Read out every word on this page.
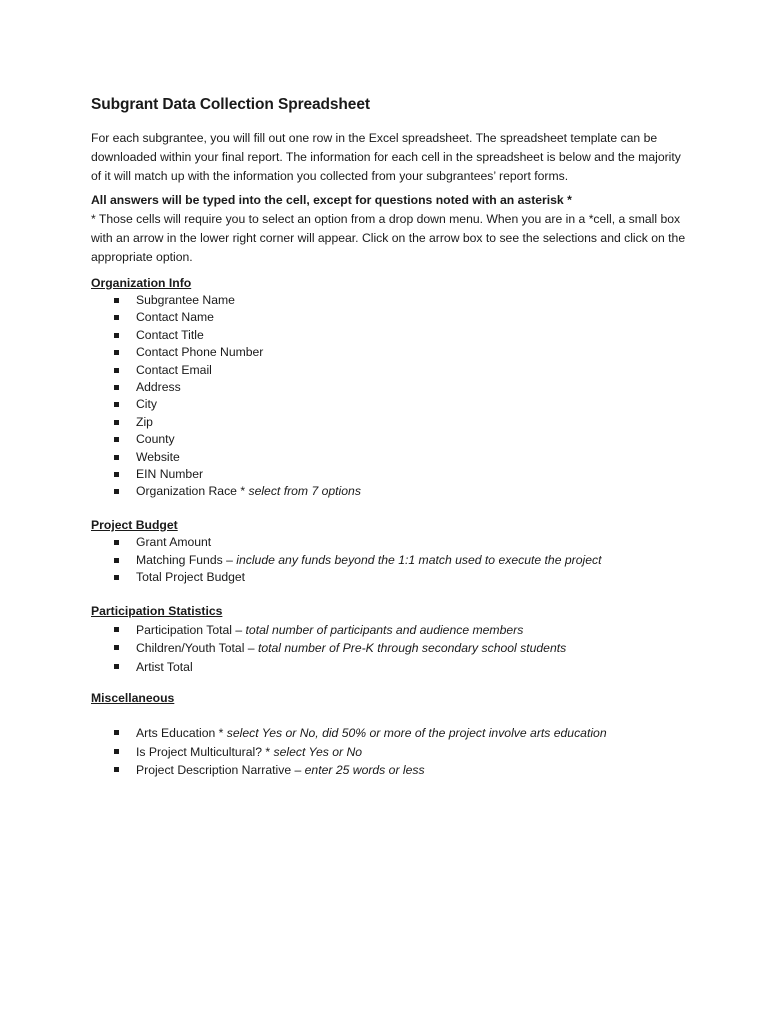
Subgrant Data Collection Spreadsheet

For each subgrantee, you will fill out one row in the Excel spreadsheet. The spreadsheet template can be downloaded within your final report. The information for each cell in the spreadsheet is below and the majority of it will match up with the information you collected from your subgrantees’ report forms.

All answers will be typed into the cell, except for questions noted with an asterisk *

* Those cells will require you to select an option from a drop down menu. When you are in a *cell, a small box with an arrow in the lower right corner will appear. Click on the arrow box to see the selections and click on the appropriate option.

Organization Info
Subgrantee Name
Contact Name
Contact Title
Contact Phone Number
Contact Email
Address
City
Zip
County
Website
EIN Number
Organization Race * select from 7 options
Project Budget
Grant Amount
Matching Funds – include any funds beyond the 1:1 match used to execute the project
Total Project Budget
Participation Statistics
Participation Total – total number of participants and audience members
Children/Youth Total – total number of Pre-K through secondary school students
Artist Total
Miscellaneous
Arts Education * select Yes or No, did 50% or more of the project involve arts education
Is Project Multicultural? * select Yes or No
Project Description Narrative – enter 25 words or less
